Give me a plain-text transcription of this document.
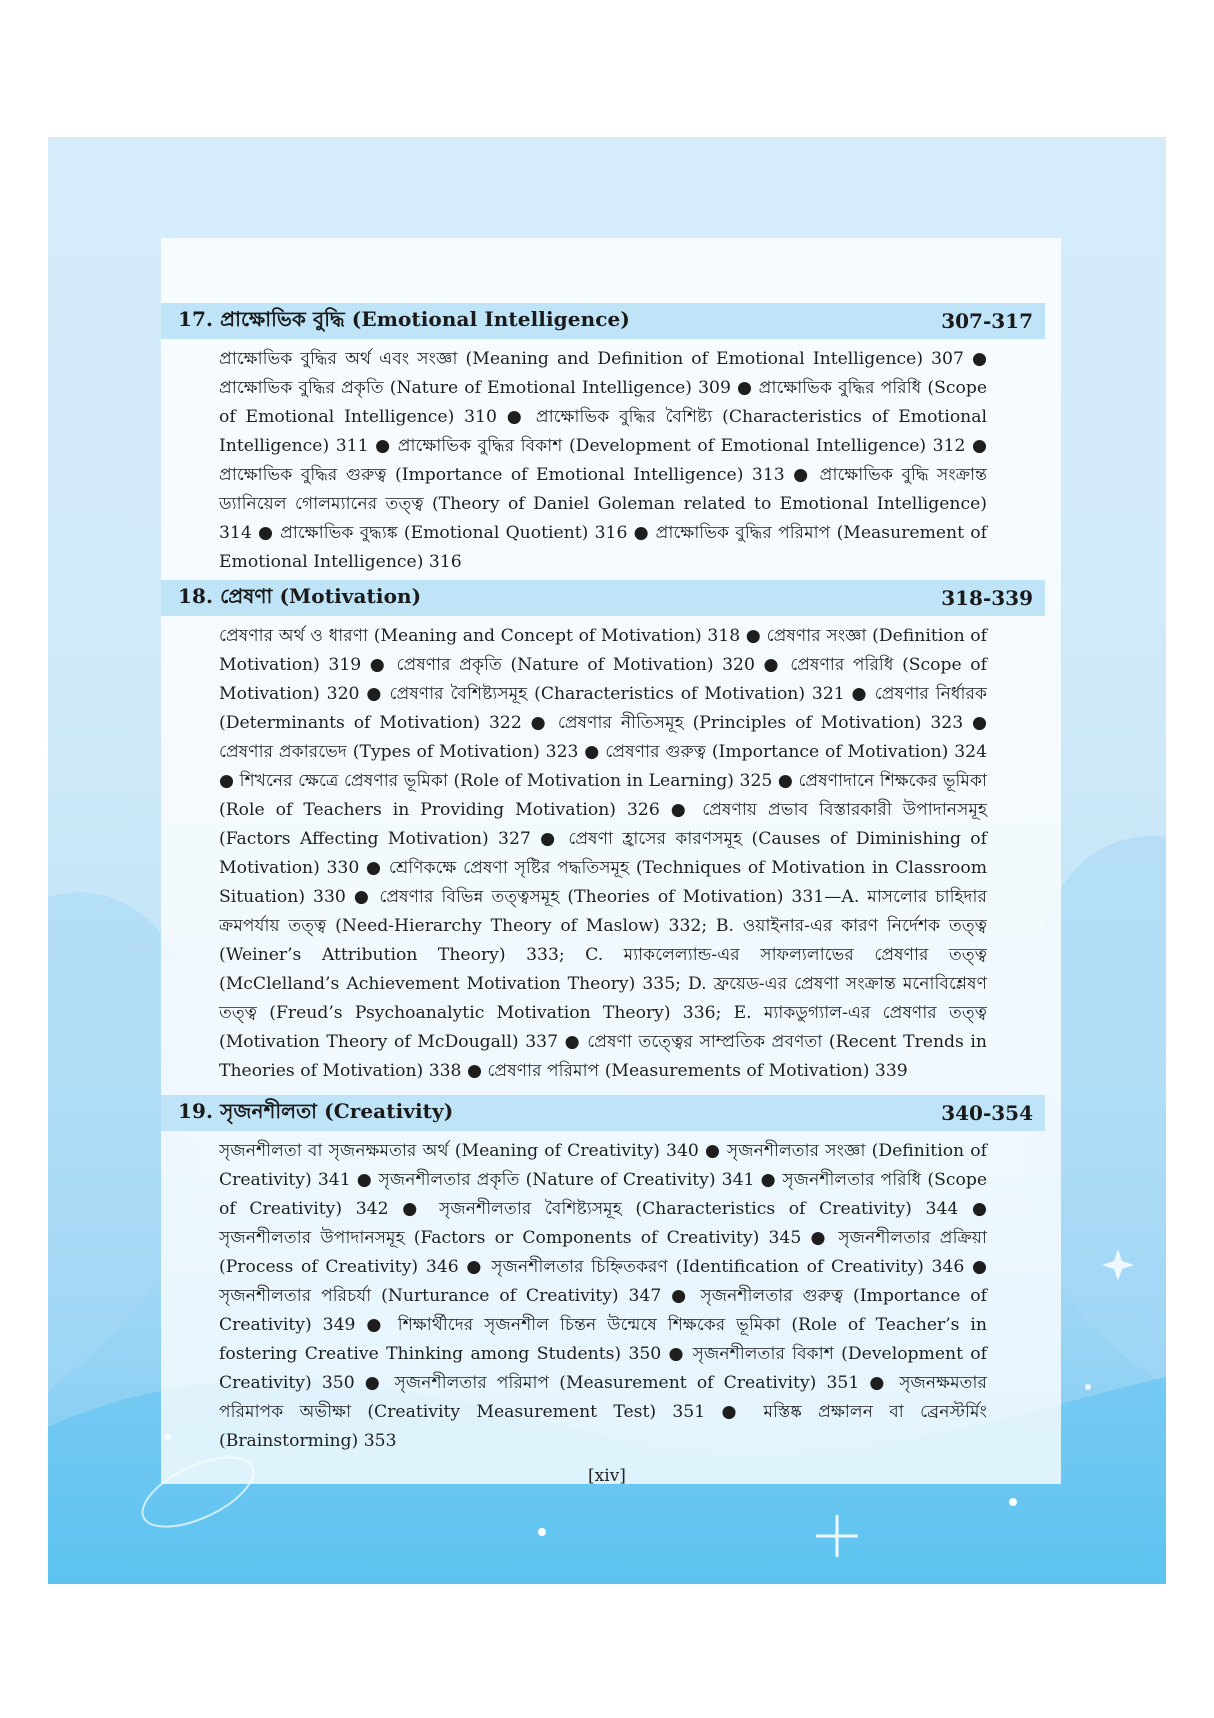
17. প্রাক্ষোভিক বুদ্ধি (Emotional Intelligence)	307-317
প্রাক্ষোভিক বুদ্ধির অর্থ এবং সংজ্ঞা (Meaning and Definition of Emotional Intelligence) 307 ● প্রাক্ষোভিক বুদ্ধির প্রকৃতি (Nature of Emotional Intelligence) 309 ● প্রাক্ষোভিক বুদ্ধির পরিধি (Scope of Emotional Intelligence) 310 ● প্রাক্ষোভিক বুদ্ধির বৈশিষ্ট্য (Characteristics of Emotional Intelligence) 311 ● প্রাক্ষোভিক বুদ্ধির বিকাশ (Development of Emotional Intelligence) 312 ● প্রাক্ষোভিক বুদ্ধির গুরুত্ব (Importance of Emotional Intelligence) 313 ● প্রাক্ষোভিক বুদ্ধি সংক্রান্ত ড্যানিয়েল গোলম্যানের তত্ত্ব (Theory of Daniel Goleman related to Emotional Intelligence) 314 ● প্রাক্ষোভিক বুদ্ধ্যঙ্ক (Emotional Quotient) 316 ● প্রাক্ষোভিক বুদ্ধির পরিমাপ (Measurement of Emotional Intelligence) 316
18. প্রেষণা (Motivation)	318-339
প্রেষণার অর্থ ও ধারণা (Meaning and Concept of Motivation) 318 ● প্রেষণার সংজ্ঞা (Definition of Motivation) 319 ● প্রেষণার প্রকৃতি (Nature of Motivation) 320 ● প্রেষণার পরিধি (Scope of Motivation) 320 ● প্রেষণার বৈশিষ্ট্যসমূহ (Characteristics of Motivation) 321 ● প্রেষণার নির্ধারক (Determinants of Motivation) 322 ● প্রেষণার নীতিসমূহ (Principles of Motivation) 323 ● প্রেষণার প্রকারভেদ (Types of Motivation) 323 ● প্রেষণার গুরুত্ব (Importance of Motivation) 324 ● শিখনের ক্ষেত্রে প্রেষণার ভূমিকা (Role of Motivation in Learning) 325 ● প্রেষণাদানে শিক্ষকের ভূমিকা (Role of Teachers in Providing Motivation) 326 ● প্রেষণায় প্রভাব বিস্তারকারী উপাদানসমূহ (Factors Affecting Motivation) 327 ● প্রেষণা হ্রাসের কারণসমূহ (Causes of Diminishing of Motivation) 330 ● শ্রেণিকক্ষে প্রেষণা সৃষ্টির পদ্ধতিসমূহ (Techniques of Motivation in Classroom Situation) 330 ● প্রেষণার বিভিন্ন তত্ত্বসমূহ (Theories of Motivation) 331—A. মাসলোর চাহিদার ক্রমপর্যায় তত্ত্ব (Need-Hierarchy Theory of Maslow) 332; B. ওয়াইনার-এর কারণ নির্দেশক তত্ত্ব (Weiner’s Attribution Theory) 333; C. ম্যাকলেল্যান্ড-এর সাফল্যলাভের প্রেষণার তত্ত্ব (McClelland’s Achievement Motivation Theory) 335; D. ফ্রয়েড-এর প্রেষণা সংক্রান্ত মনোবিশ্লেষণ তত্ত্ব (Freud’s Psychoanalytic Motivation Theory) 336; E. ম্যাকডুগ্যাল-এর প্রেষণার তত্ত্ব (Motivation Theory of McDougall) 337 ● প্রেষণা তত্ত্বের সাম্প্রতিক প্রবণতা (Recent Trends in Theories of Motivation) 338 ● প্রেষণার পরিমাপ (Measurements of Motivation) 339
19. সৃজনশীলতা (Creativity)	340-354
সৃজনশীলতা বা সৃজনক্ষমতার অর্থ (Meaning of Creativity) 340 ● সৃজনশীলতার সংজ্ঞা (Definition of Creativity) 341 ● সৃজনশীলতার প্রকৃতি (Nature of Creativity) 341 ● সৃজনশীলতার পরিধি (Scope of Creativity) 342 ● সৃজনশীলতার বৈশিষ্ট্যসমূহ (Characteristics of Creativity) 344 ● সৃজনশীলতার উপাদানসমূহ (Factors or Components of Creativity) 345 ● সৃজনশীলতার প্রক্রিয়া (Process of Creativity) 346 ● সৃজনশীলতার চিহ্নিতকরণ (Identification of Creativity) 346 ● সৃজনশীলতার পরিচর্যা (Nurturance of Creativity) 347 ● সৃজনশীলতার গুরুত্ব (Importance of Creativity) 349 ● শিক্ষার্থীদের সৃজনশীল চিন্তন উন্মেষে শিক্ষকের ভূমিকা (Role of Teacher’s in fostering Creative Thinking among Students) 350 ● সৃজনশীলতার বিকাশ (Development of Creativity) 350 ● সৃজনশীলতার পরিমাপ (Measurement of Creativity) 351 ● সৃজনক্ষমতার পরিমাপক অভীক্ষা (Creativity Measurement Test) 351 ● মস্তিষ্ক প্রক্ষালন বা ব্রেনস্টর্মিং (Brainstorming) 353
[xiv]
